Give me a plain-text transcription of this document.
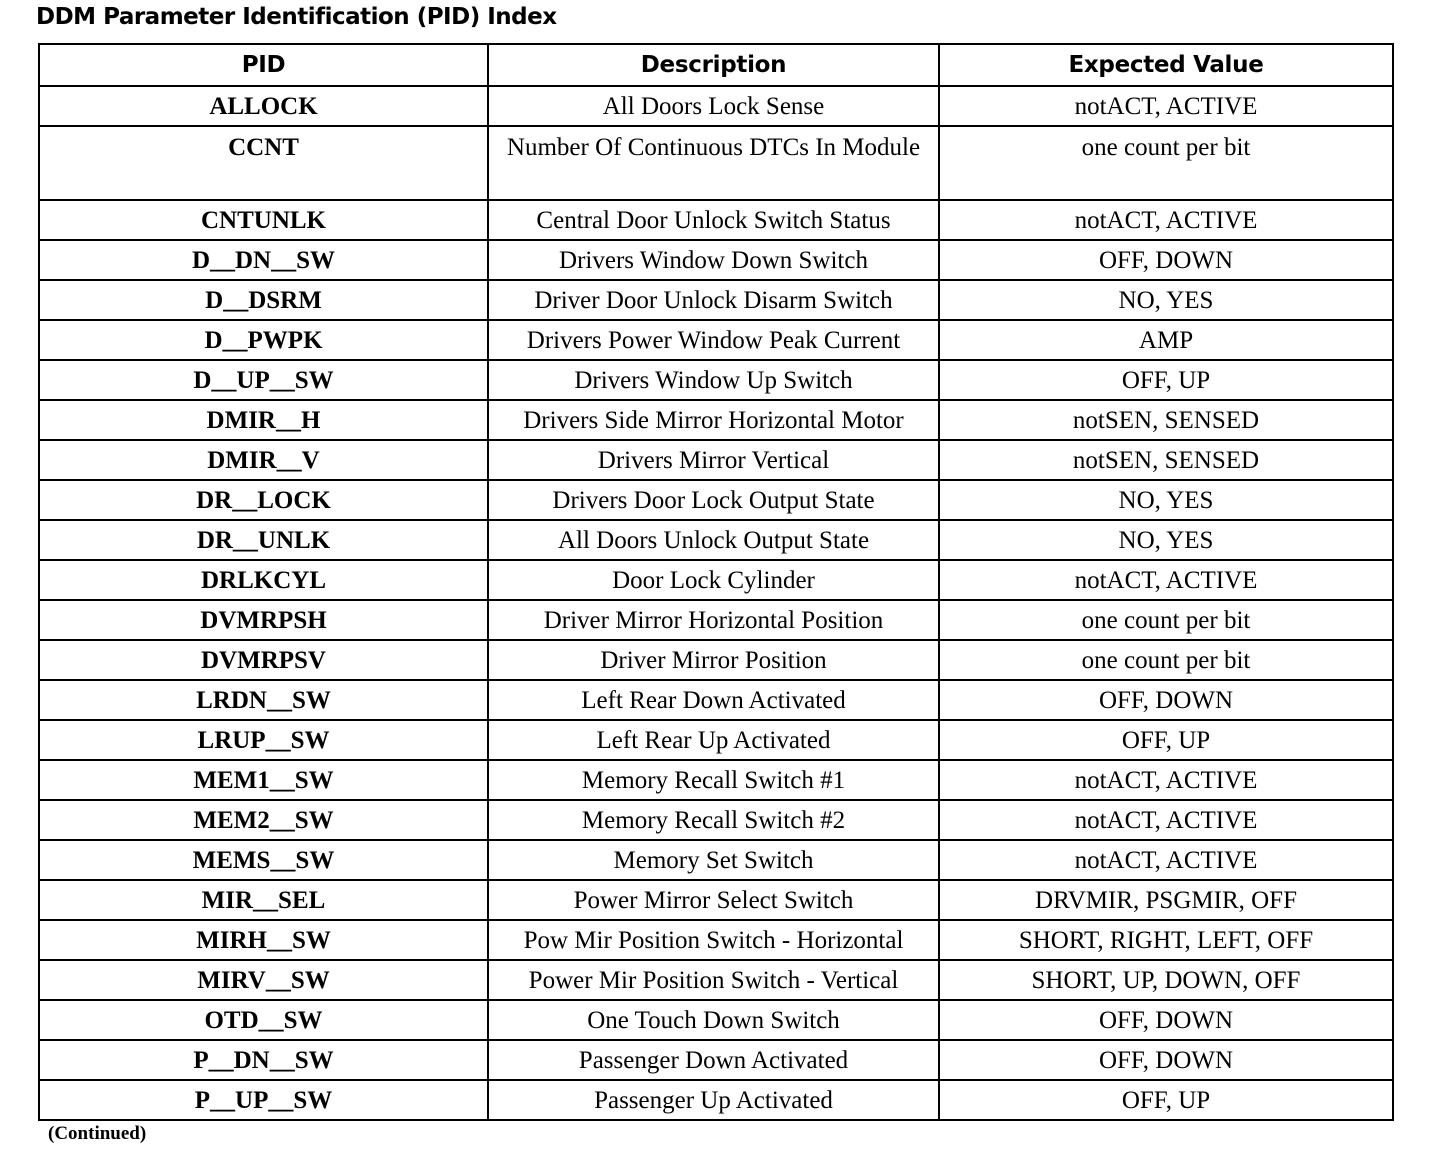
DDM Parameter Identification (PID) Index
PID	Description	Expected Value
ALLOCK	All Doors Lock Sense	notACT, ACTIVE
CCNT	Number Of Continuous DTCs In Module	one count per bit
CNTUNLK	Central Door Unlock Switch Status	notACT, ACTIVE
D__DN__SW	Drivers Window Down Switch	OFF, DOWN
D__DSRM	Driver Door Unlock Disarm Switch	NO, YES
D__PWPK	Drivers Power Window Peak Current	AMP
D__UP__SW	Drivers Window Up Switch	OFF, UP
DMIR__H	Drivers Side Mirror Horizontal Motor	notSEN, SENSED
DMIR__V	Drivers Mirror Vertical	notSEN, SENSED
DR__LOCK	Drivers Door Lock Output State	NO, YES
DR__UNLK	All Doors Unlock Output State	NO, YES
DRLKCYL	Door Lock Cylinder	notACT, ACTIVE
DVMRPSH	Driver Mirror Horizontal Position	one count per bit
DVMRPSV	Driver Mirror Position	one count per bit
LRDN__SW	Left Rear Down Activated	OFF, DOWN
LRUP__SW	Left Rear Up Activated	OFF, UP
MEM1__SW	Memory Recall Switch #1	notACT, ACTIVE
MEM2__SW	Memory Recall Switch #2	notACT, ACTIVE
MEMS__SW	Memory Set Switch	notACT, ACTIVE
MIR__SEL	Power Mirror Select Switch	DRVMIR, PSGMIR, OFF
MIRH__SW	Pow Mir Position Switch - Horizontal	SHORT, RIGHT, LEFT, OFF
MIRV__SW	Power Mir Position Switch - Vertical	SHORT, UP, DOWN, OFF
OTD__SW	One Touch Down Switch	OFF, DOWN
P__DN__SW	Passenger Down Activated	OFF, DOWN
P__UP__SW	Passenger Up Activated	OFF, UP
(Continued)
